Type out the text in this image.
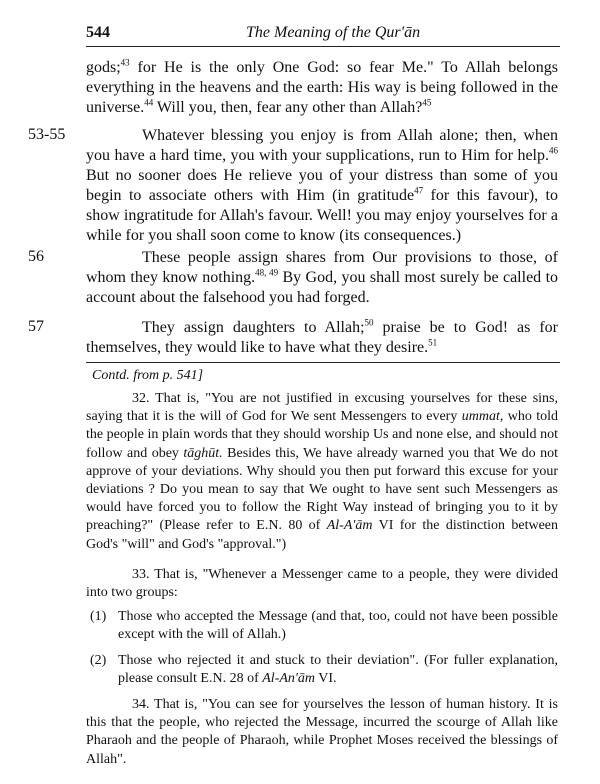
544	The Meaning of the Qur'ān

gods;$^{43}$ for He is the only One God: so fear Me." To Allah belongs everything in the heavens and the earth: His way is being followed in the universe.$^{44}$ Will you, then, fear any other than Allah?$^{45}$

53-55	Whatever blessing you enjoy is from Allah alone; then, when you have a hard time, you with your supplications, run to Him for help.$^{46}$ But no sooner does He relieve you of your distress than some of you begin to associate others with Him (in gratitude$^{47}$ for this favour), to show ingratitude for Allah's favour. Well! you may enjoy yourselves for a while for you shall soon come to know (its consequences.)

56	These people assign shares from Our provisions to those, of whom they know nothing.$^{48, 49}$ By God, you shall most surely be called to account about the falsehood you had forged.

57	They assign daughters to Allah;$^{50}$ praise be to God! as for themselves, they would like to have what they desire.$^{51}$

Contd. from p. 541]

32. That is, "You are not justified in excusing yourselves for these sins, saying that it is the will of God for We sent Messengers to every ummat, who told the people in plain words that they should worship Us and none else, and should not follow and obey tāghūt. Besides this, We have already warned you that We do not approve of your deviations. Why should you then put forward this excuse for your deviations ? Do you mean to say that We ought to have sent such Messengers as would have forced you to follow the Right Way instead of bringing you to it by preaching?" (Please refer to E.N. 80 of Al-A'ām VI for the distinction between God's "will" and God's "approval.")

33. That is, "Whenever a Messenger came to a people, they were divided into two groups:

(1) Those who accepted the Message (and that, too, could not have been possible except with the will of Allah.)
(2) Those who rejected it and stuck to their deviation". (For fuller explanation, please consult E.N. 28 of Al-An'ām VI.

34. That is, "You can see for yourselves the lesson of human history. It is this that the people, who rejected the Message, incurred the scourge of Allah like Pharaoh and the people of Pharaoh, while Prophet Moses received the blessings of Allah".
